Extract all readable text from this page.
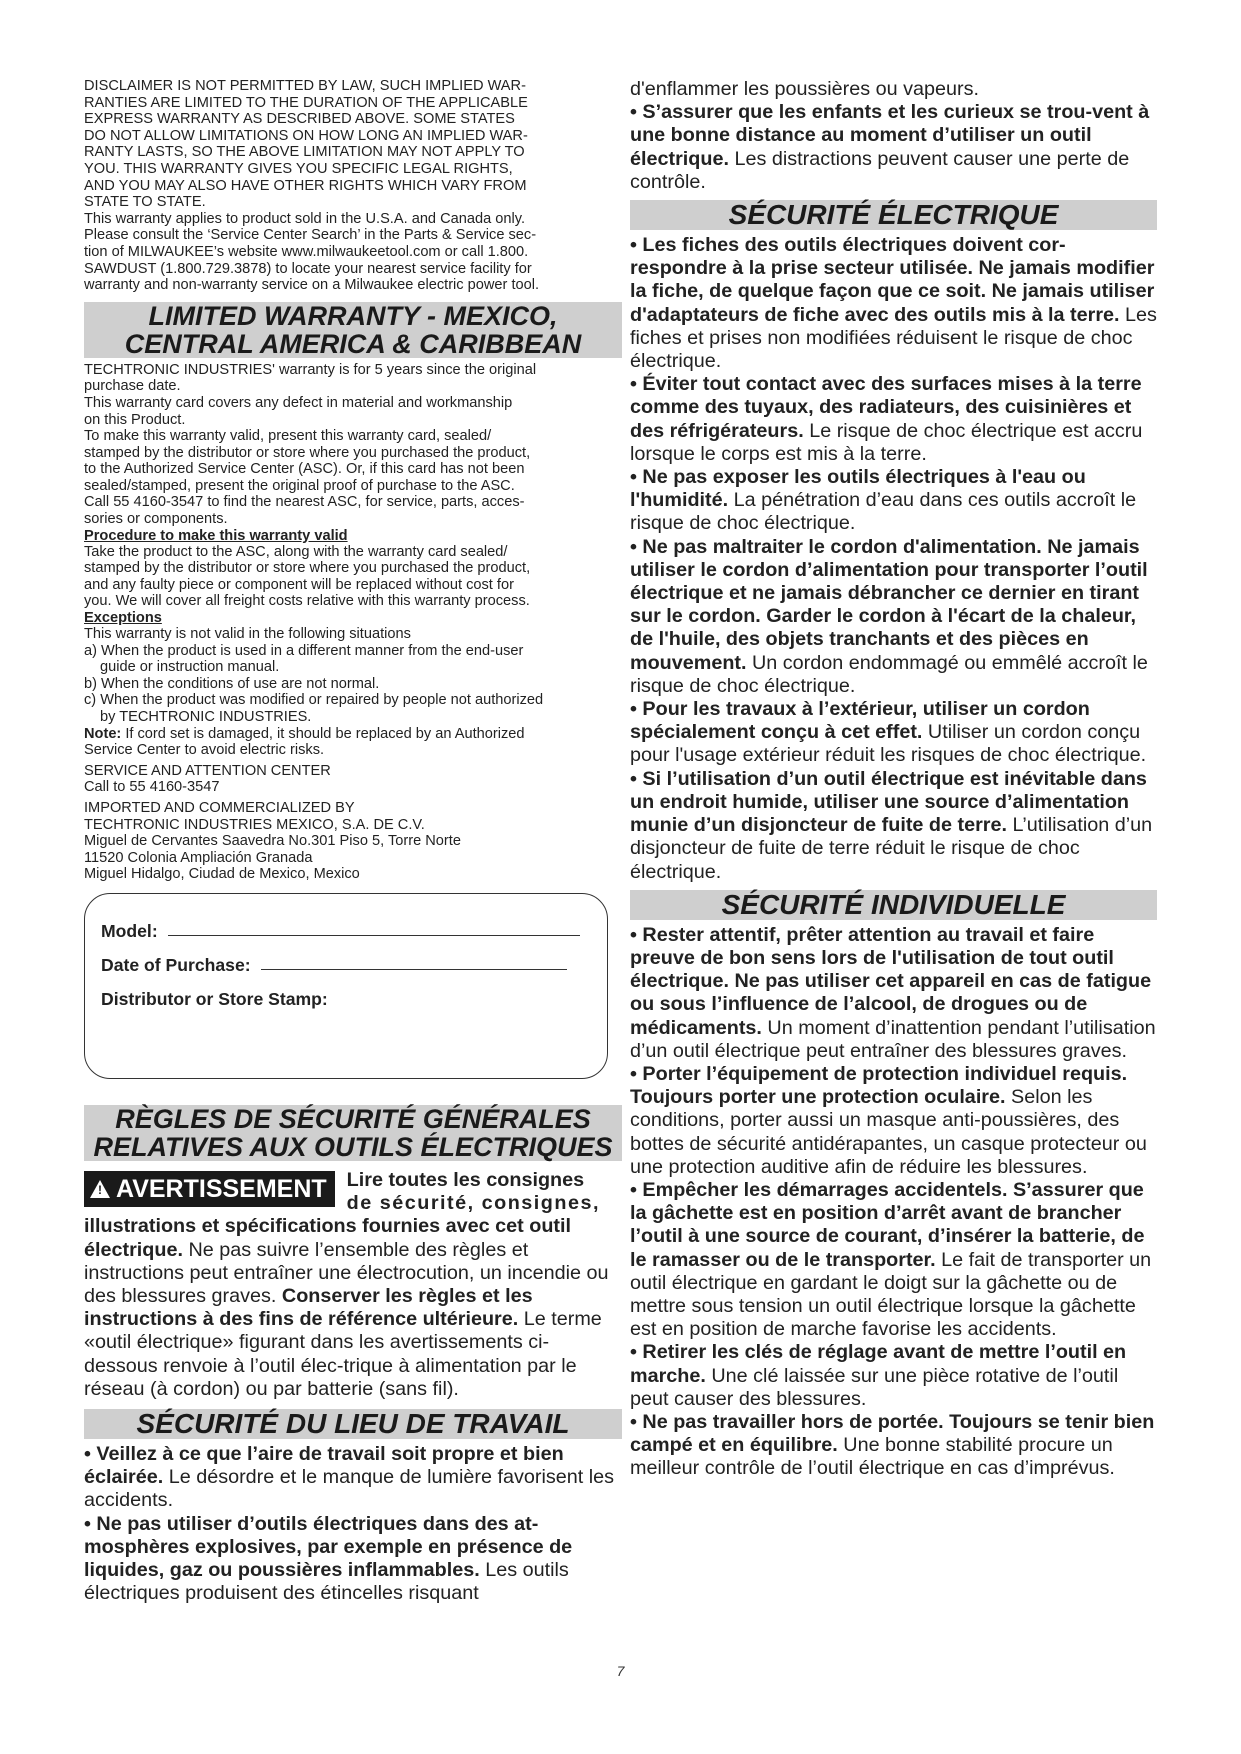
DISCLAIMER IS NOT PERMITTED BY LAW, SUCH IMPLIED WAR-
RANTIES ARE LIMITED TO THE DURATION OF THE APPLICABLE
EXPRESS WARRANTY AS DESCRIBED ABOVE. SOME STATES
DO NOT ALLOW LIMITATIONS ON HOW LONG AN IMPLIED WAR-
RANTY LASTS, SO THE ABOVE LIMITATION MAY NOT APPLY TO
YOU. THIS WARRANTY GIVES YOU SPECIFIC LEGAL RIGHTS,
AND YOU MAY ALSO HAVE OTHER RIGHTS WHICH VARY FROM
STATE TO STATE.
This warranty applies to product sold in the U.S.A. and Canada only.
Please consult the ‘Service Center Search’ in the Parts & Service sec-
tion of MILWAUKEE’s website www.milwaukeetool.com or call 1.800.
SAWDUST (1.800.729.3878) to locate your nearest service facility for
warranty and non-warranty service on a Milwaukee electric power tool.
LIMITED WARRANTY - MEXICO,
CENTRAL AMERICA & CARIBBEAN
TECHTRONIC INDUSTRIES' warranty is for 5 years since the original
purchase date.
This warranty card covers any defect in material and workmanship
on this Product.
To make this warranty valid, present this warranty card, sealed/
stamped by the distributor or store where you purchased the product,
to the Authorized Service Center (ASC). Or, if this card has not been
sealed/stamped, present the original proof of purchase to the ASC.
Call 55 4160-3547 to find the nearest ASC, for service, parts, acces-
sories or components.
Procedure to make this warranty valid
Take the product to the ASC, along with the warranty card sealed/
stamped by the distributor or store where you purchased the product,
and any faulty piece or component will be replaced without cost for
you. We will cover all freight costs relative with this warranty process.
Exceptions
This warranty is not valid in the following situations
a) When the product is used in a different manner from the end-user
guide or instruction manual.
b) When the conditions of use are not normal.
c) When the product was modified or repaired by people not authorized
by TECHTRONIC INDUSTRIES.
Note: If cord set is damaged, it should be replaced by an Authorized
Service Center to avoid electric risks.
SERVICE AND ATTENTION CENTER
Call to 55 4160-3547
IMPORTED AND COMMERCIALIZED BY
TECHTRONIC INDUSTRIES MEXICO, S.A. DE C.V.
Miguel de Cervantes Saavedra No.301 Piso 5, Torre Norte
11520 Colonia Ampliación Granada
Miguel Hidalgo, Ciudad de Mexico, Mexico
Model:
Date of Purchase:
Distributor or Store Stamp:
RÈGLES DE SÉCURITÉ GÉNÉRALES
RELATIVES AUX OUTILS ÉLECTRIQUES
! AVERTISSEMENT Lire toutes les consignes
de sécurité, consignes,

illustrations et spécifications fournies avec cet outil électrique. Ne pas suivre l’ensemble des règles et instructions peut entraîner une électrocution, un incendie ou des blessures graves. Conserver les règles et les instructions à des fins de référence ultérieure. Le terme «outil électrique» figurant dans les avertissements ci-dessous renvoie à l’outil élec-trique à alimentation par le réseau (à cordon) ou par batterie (sans fil).

SÉCURITÉ DU LIEU DE TRAVAIL

• Veillez à ce que l’aire de travail soit propre et bien éclairée. Le désordre et le manque de lumière favorisent les accidents.

• Ne pas utiliser d’outils électriques dans des at-mosphères explosives, par exemple en présence de liquides, gaz ou poussières inflammables. Les outils électriques produisent des étincelles risquant

d'enflammer les poussières ou vapeurs.

• S’assurer que les enfants et les curieux se trou-vent à une bonne distance au moment d’utiliser un outil électrique. Les distractions peuvent causer une perte de contrôle.

SÉCURITÉ ÉLECTRIQUE

• Les fiches des outils électriques doivent cor-respondre à la prise secteur utilisée. Ne jamais modifier la fiche, de quelque façon que ce soit. Ne jamais utiliser d'adaptateurs de fiche avec des outils mis à la terre. Les fiches et prises non modifiées réduisent le risque de choc électrique.

• Éviter tout contact avec des surfaces mises à la terre comme des tuyaux, des radiateurs, des cuisinières et des réfrigérateurs. Le risque de choc électrique est accru lorsque le corps est mis à la terre.

• Ne pas exposer les outils électriques à l'eau ou l'humidité. La pénétration d’eau dans ces outils accroît le risque de choc électrique.

• Ne pas maltraiter le cordon d'alimentation. Ne jamais utiliser le cordon d’alimentation pour transporter l’outil électrique et ne jamais débrancher ce dernier en tirant sur le cordon. Garder le cordon à l'écart de la chaleur, de l'huile, des objets tranchants et des pièces en mouvement. Un cordon endommagé ou emmêlé accroît le risque de choc électrique.

• Pour les travaux à l’extérieur, utiliser un cordon spécialement conçu à cet effet. Utiliser un cordon conçu pour l'usage extérieur réduit les risques de choc électrique.

• Si l’utilisation d’un outil électrique est inévitable dans un endroit humide, utiliser une source d’alimentation munie d’un disjoncteur de fuite de terre. L’utilisation d’un disjoncteur de fuite de terre réduit le risque de choc électrique.

SÉCURITÉ INDIVIDUELLE

• Rester attentif, prêter attention au travail et faire preuve de bon sens lors de l'utilisation de tout outil électrique. Ne pas utiliser cet appareil en cas de fatigue ou sous l’influence de l’alcool, de drogues ou de médicaments. Un moment d’inattention pendant l’utilisation d’un outil électrique peut entraîner des blessures graves.

• Porter l’équipement de protection individuel requis. Toujours porter une protection oculaire. Selon les conditions, porter aussi un masque anti-poussières, des bottes de sécurité antidérapantes, un casque protecteur ou une protection auditive afin de réduire les blessures.

• Empêcher les démarrages accidentels. S’assurer que la gâchette est en position d’arrêt avant de brancher l’outil à une source de courant, d’insérer la batterie, de le ramasser ou de le transporter. Le fait de transporter un outil électrique en gardant le doigt sur la gâchette ou de mettre sous tension un outil électrique lorsque la gâchette est en position de marche favorise les accidents.

• Retirer les clés de réglage avant de mettre l’outil en marche. Une clé laissée sur une pièce rotative de l’outil peut causer des blessures.

• Ne pas travailler hors de portée. Toujours se tenir bien campé et en équilibre. Une bonne stabilité procure un meilleur contrôle de l’outil électrique en cas d’imprévus.

7
